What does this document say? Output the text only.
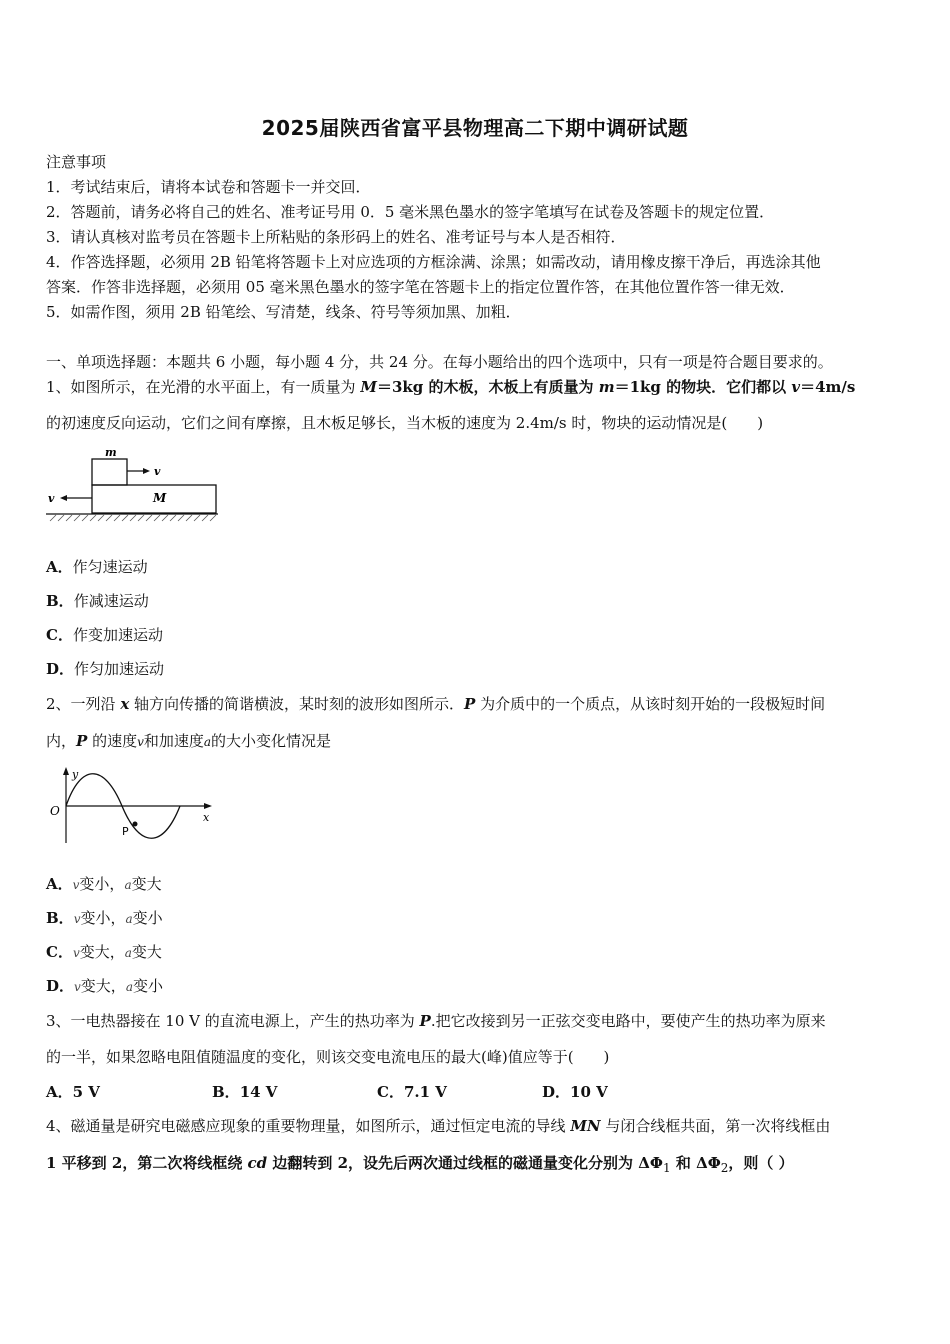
2025届陕西省富平县物理高二下期中调研试题
注意事项
1．考试结束后，请将本试卷和答题卡一并交回．
2．答题前，请务必将自己的姓名、准考证号用 0．5 毫米黑色墨水的签字笔填写在试卷及答题卡的规定位置．
3．请认真核对监考员在答题卡上所粘贴的条形码上的姓名、准考证号与本人是否相符．
4．作答选择题，必须用 2B 铅笔将答题卡上对应选项的方框涂满、涂黑；如需改动，请用橡皮擦干净后，再选涂其他
答案．作答非选择题，必须用 05 毫米黑色墨水的签字笔在答题卡上的指定位置作答，在其他位置作答一律无效．
5．如需作图，须用 2B 铅笔绘、写清楚，线条、符号等须加黑、加粗．
一、单项选择题：本题共 6 小题，每小题 4 分，共 24 分。在每小题给出的四个选项中，只有一项是符合题目要求的。
1、如图所示，在光滑的水平面上，有一质量为 M＝3kg 的木板，木板上有质量为 m＝1kg 的物块．它们都以 v＝4m/s
的初速度反向运动，它们之间有摩擦，且木板足够长，当木板的速度为 2.4m/s 时，物块的运动情况是(　　)
m
v
v	M
A．作匀速运动
B．作减速运动
C．作变加速运动
D．作匀加速运动
2、一列沿 x 轴方向传播的简谐横波，某时刻的波形如图所示．P 为介质中的一个质点，从该时刻开始的一段极短时间
内，P 的速度v和加速度a的大小变化情况是
y
O	x
P
A．v变小，a变大
B．v变小，a变小
C．v变大，a变大
D．v变大，a变小
3、一电热器接在 10 V 的直流电源上，产生的热功率为 P.把它改接到另一正弦交变电路中，要使产生的热功率为原来
的一半，如果忽略电阻值随温度的变化，则该交变电流电压的最大(峰)值应等于(　　)
A．5 V	B．14 V	C．7.1 V	D．10 V
4、磁通量是研究电磁感应现象的重要物理量，如图所示，通过恒定电流的导线 MN 与闭合线框共面，第一次将线框由
1 平移到 2，第二次将线框绕 cd 边翻转到 2，设先后两次通过线框的磁通量变化分别为 $\Delta\Phi_1$ 和 $\Delta\Phi_2$，则（ ）
